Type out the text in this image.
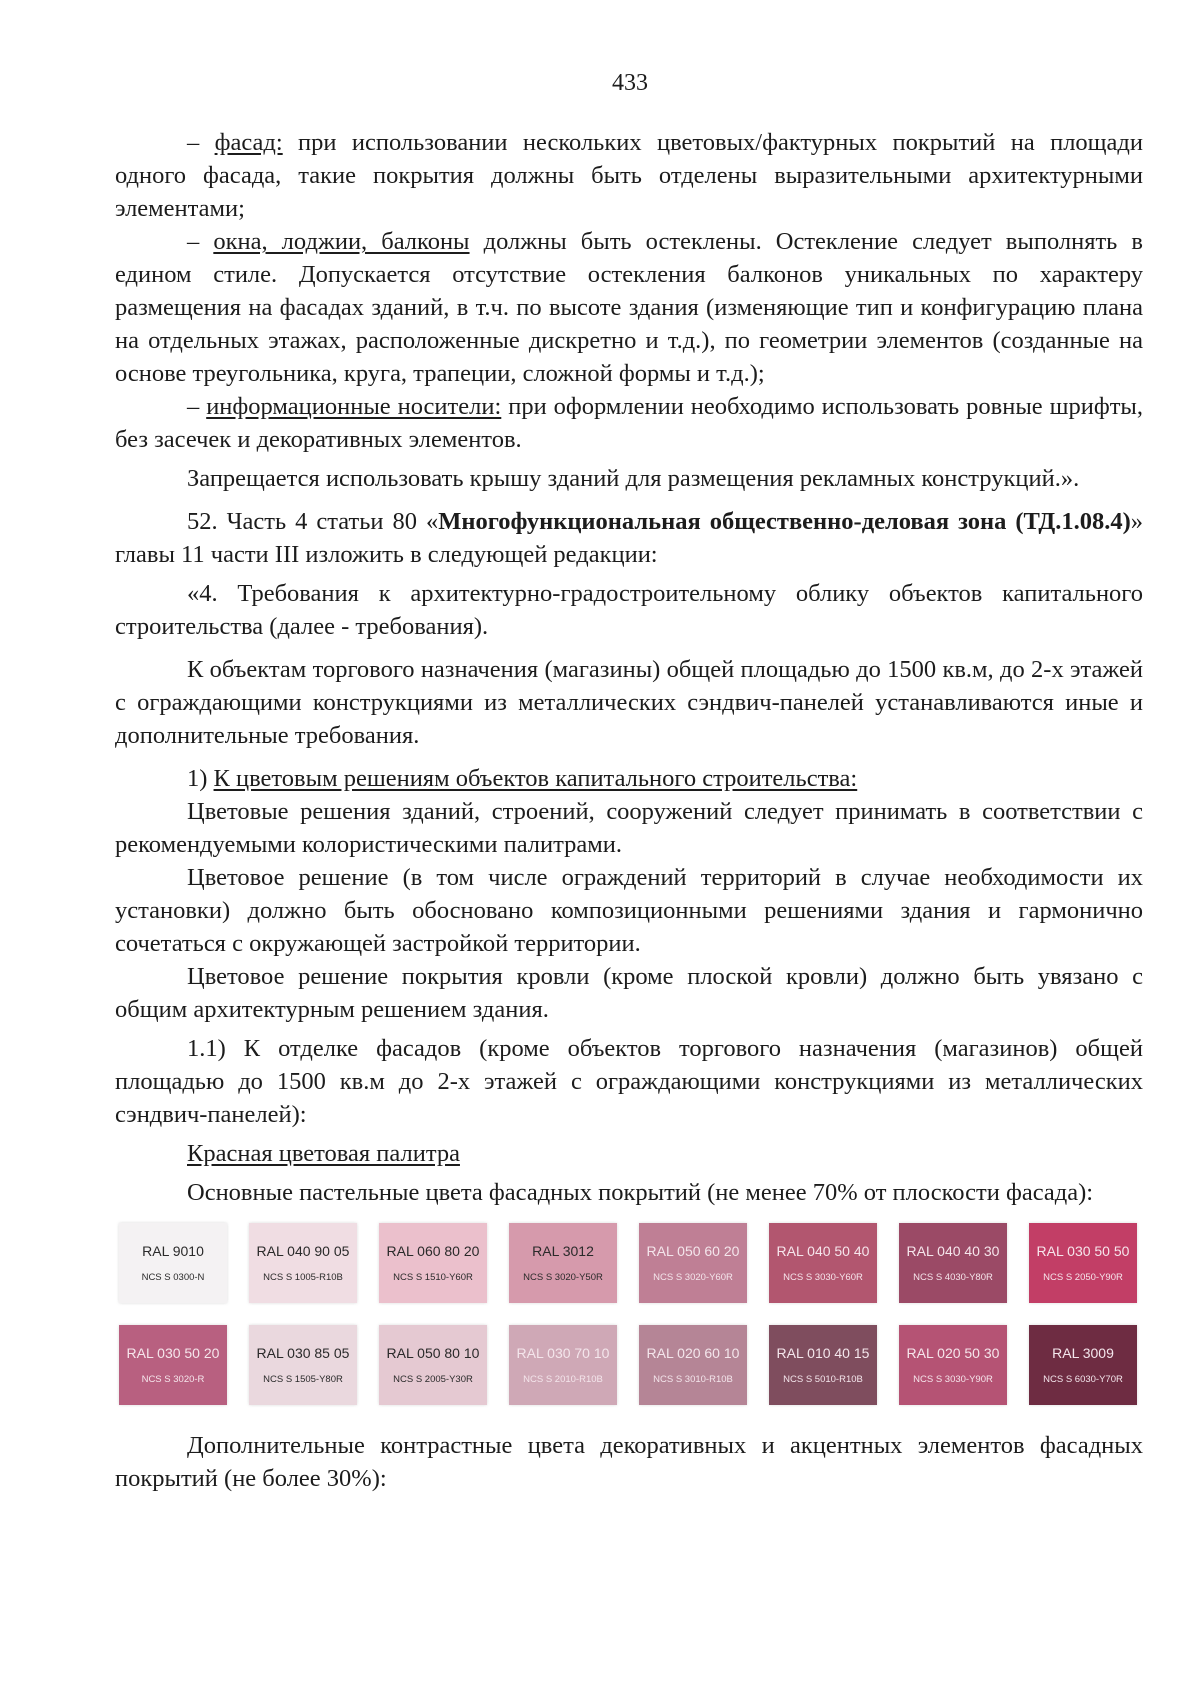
433

– фасад: при использовании нескольких цветовых/фактурных покрытий на площади одного фасада, такие покрытия должны быть отделены выразительными архитектурными элементами;

– окна, лоджии, балконы должны быть остеклены. Остекление следует выполнять в едином стиле. Допускается отсутствие остекления балконов уникальных по характеру размещения на фасадах зданий, в т.ч. по высоте здания (изменяющие тип и конфигурацию плана на отдельных этажах, расположенные дискретно и т.д.), по геометрии элементов (созданные на основе треугольника, круга, трапеции, сложной формы и т.д.);

– информационные носители: при оформлении необходимо использовать ровные шрифты, без засечек и декоративных элементов.

Запрещается использовать крышу зданий для размещения рекламных конструкций.».

52. Часть 4 статьи 80 «Многофункциональная общественно-деловая зона (ТД.1.08.4)» главы 11 части III изложить в следующей редакции:

«4. Требования к архитектурно-градостроительному облику объектов капитального строительства (далее - требования).

К объектам торгового назначения (магазины) общей площадью до 1500 кв.м, до 2-х этажей с ограждающими конструкциями из металлических сэндвич-панелей устанавливаются иные и дополнительные требования.

1) К цветовым решениям объектов капитального строительства:

Цветовые решения зданий, строений, сооружений следует принимать в соответствии с рекомендуемыми колористическими палитрами.

Цветовое решение (в том числе ограждений территорий в случае необходимости их установки) должно быть обосновано композиционными решениями здания и гармонично сочетаться с окружающей застройкой территории.

Цветовое решение покрытия кровли (кроме плоской кровли) должно быть увязано с общим архитектурным решением здания.

1.1) К отделке фасадов (кроме объектов торгового назначения (магазинов) общей площадью до 1500 кв.м до 2-х этажей с ограждающими конструкциями из металлических сэндвич-панелей):

Красная цветовая палитра

Основные пастельные цвета фасадных покрытий (не менее 70% от плоскости фасада):

RAL 9010
NCS S 0300-N
RAL 040 90 05
NCS S 1005-R10B
RAL 060 80 20
NCS S 1510-Y60R
RAL 3012
NCS S 3020-Y50R
RAL 050 60 20
NCS S 3020-Y60R
RAL 040 50 40
NCS S 3030-Y60R
RAL 040 40 30
NCS S 4030-Y80R
RAL 030 50 50
NCS S 2050-Y90R
RAL 030 50 20
NCS S 3020-R
RAL 030 85 05
NCS S 1505-Y80R
RAL 050 80 10
NCS S 2005-Y30R
RAL 030 70 10
NCS S 2010-R10B
RAL 020 60 10
NCS S 3010-R10B
RAL 010 40 15
NCS S 5010-R10B
RAL 020 50 30
NCS S 3030-Y90R
RAL 3009
NCS S 6030-Y70R

Дополнительные контрастные цвета декоративных и акцентных элементов фасадных покрытий (не более 30%):
